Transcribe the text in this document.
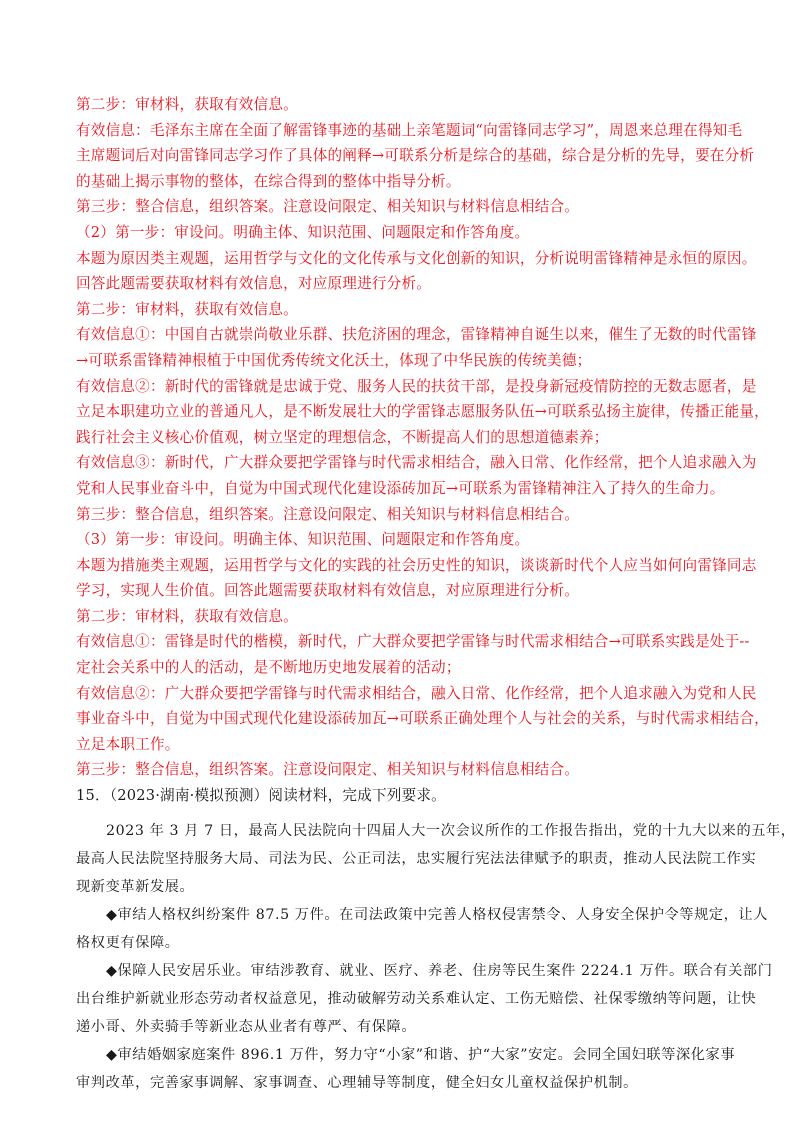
第二步：审材料，获取有效信息。
有效信息：毛泽东主席在全面了解雷锋事迹的基础上亲笔题词“向雷锋同志学习”，周恩来总理在得知毛
主席题词后对向雷锋同志学习作了具体的阐释→可联系分析是综合的基础，综合是分析的先导，要在分析
的基础上揭示事物的整体，在综合得到的整体中指导分析。
第三步：整合信息，组织答案。注意设问限定、相关知识与材料信息相结合。
（2）第一步：审设问。明确主体、知识范围、问题限定和作答角度。
本题为原因类主观题，运用哲学与文化的文化传承与文化创新的知识，分析说明雷锋精神是永恒的原因。
回答此题需要获取材料有效信息，对应原理进行分析。
第二步：审材料，获取有效信息。
有效信息①：中国自古就崇尚敬业乐群、扶危济困的理念，雷锋精神自诞生以来，催生了无数的时代雷锋
→可联系雷锋精神根植于中国优秀传统文化沃土，体现了中华民族的传统美德；
有效信息②：新时代的雷锋就是忠诚于党、服务人民的扶贫干部，是投身新冠疫情防控的无数志愿者，是
立足本职建功立业的普通凡人，是不断发展壮大的学雷锋志愿服务队伍→可联系弘扬主旋律，传播正能量，
践行社会主义核心价值观，树立坚定的理想信念，不断提高人们的思想道德素养；
有效信息③：新时代，广大群众要把学雷锋与时代需求相结合，融入日常、化作经常，把个人追求融入为
党和人民事业奋斗中，自觉为中国式现代化建设添砖加瓦→可联系为雷锋精神注入了持久的生命力。
第三步：整合信息，组织答案。注意设问限定、相关知识与材料信息相结合。
（3）第一步：审设问。明确主体、知识范围、问题限定和作答角度。
本题为措施类主观题，运用哲学与文化的实践的社会历史性的知识，谈谈新时代个人应当如何向雷锋同志
学习，实现人生价值。回答此题需要获取材料有效信息，对应原理进行分析。
第二步：审材料，获取有效信息。
有效信息①：雷锋是时代的楷模，新时代，广大群众要把学雷锋与时代需求相结合→可联系实践是处于--
定社会关系中的人的活动，是不断地历史地发展着的活动；
有效信息②：广大群众要把学雷锋与时代需求相结合，融入日常、化作经常，把个人追求融入为党和人民
事业奋斗中，自觉为中国式现代化建设添砖加瓦→可联系正确处理个人与社会的关系，与时代需求相结合，
立足本职工作。
第三步：整合信息，组织答案。注意设问限定、相关知识与材料信息相结合。
15．（2023·湖南·模拟预测）阅读材料，完成下列要求。
2023 年 3 月 7 日，最高人民法院向十四届人大一次会议所作的工作报告指出，党的十九大以来的五年，
最高人民法院坚持服务大局、司法为民、公正司法，忠实履行宪法法律赋予的职责，推动人民法院工作实
现新变革新发展。
◆审结人格权纠纷案件 87.5 万件。在司法政策中完善人格权侵害禁令、人身安全保护令等规定，让人
格权更有保障。
◆保障人民安居乐业。审结涉教育、就业、医疗、养老、住房等民生案件 2224.1 万件。联合有关部门
出台维护新就业形态劳动者权益意见，推动破解劳动关系难认定、工伤无赔偿、社保零缴纳等问题，让快
递小哥、外卖骑手等新业态从业者有尊严、有保障。
◆审结婚姻家庭案件 896.1 万件，努力守“小家”和谐、护“大家”安定。会同全国妇联等深化家事
审判改革，完善家事调解、家事调查、心理辅导等制度，健全妇女儿童权益保护机制。
